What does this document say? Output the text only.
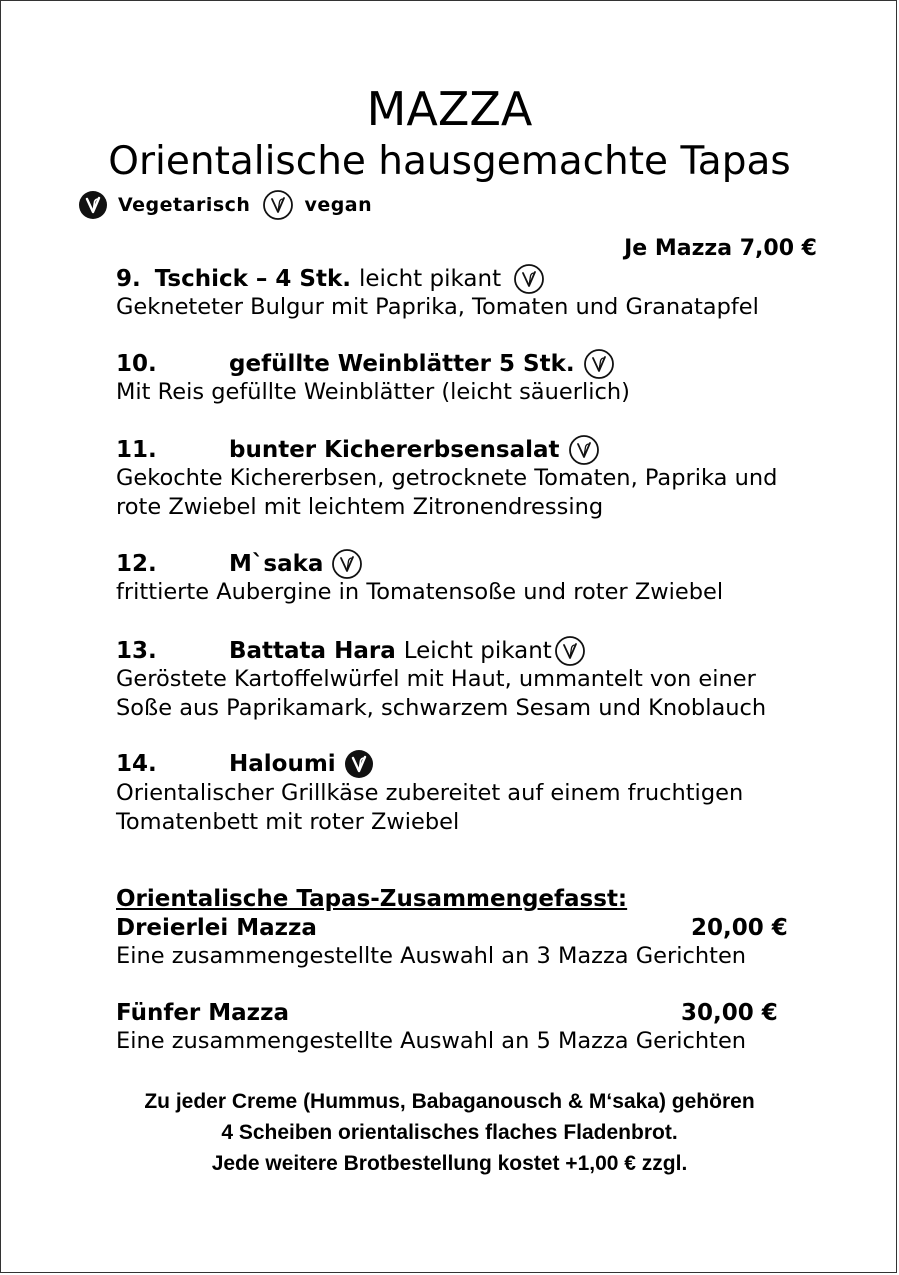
MAZZA
Orientalische hausgemachte Tapas
Vegetarisch	vegan
Je Mazza 7,00 €
9. Tschick – 4 Stk. leicht pikant
Gekneteter Bulgur mit Paprika, Tomaten und Granatapfel
10.	gefüllte Weinblätter 5 Stk.
Mit Reis gefüllte Weinblätter (leicht säuerlich)
11.	bunter Kichererbsensalat
Gekochte Kichererbsen, getrocknete Tomaten, Paprika und
rote Zwiebel mit leichtem Zitronendressing
12.	M`saka
frittierte Aubergine in Tomatensoße und roter Zwiebel
13.	Battata Hara Leicht pikant
Geröstete Kartoffelwürfel mit Haut, ummantelt von einer
Soße aus Paprikamark, schwarzem Sesam und Knoblauch
14.	Haloumi
Orientalischer Grillkäse zubereitet auf einem fruchtigen
Tomatenbett mit roter Zwiebel
Orientalische Tapas-Zusammengefasst:
Dreierlei Mazza	20,00 €
Eine zusammengestellte Auswahl an 3 Mazza Gerichten
Fünfer Mazza	30,00 €
Eine zusammengestellte Auswahl an 5 Mazza Gerichten
Zu jeder Creme (Hummus, Babaganousch & M‘saka) gehören
4 Scheiben orientalisches flaches Fladenbrot.
Jede weitere Brotbestellung kostet +1,00 € zzgl.
